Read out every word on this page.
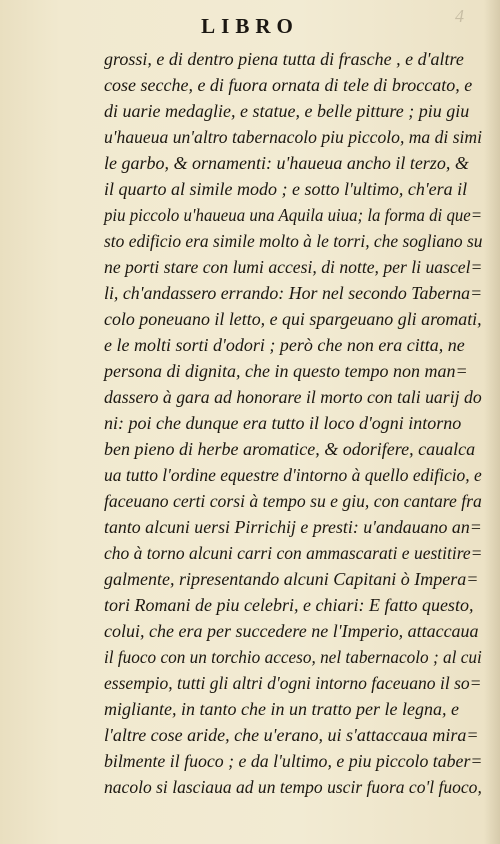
LIBRO	4
grossi, e di dentro piena tutta di frasche , e d'altre
cose secche, e di fuora ornata di tele di broccato, e
di uarie medaglie, e statue, e belle pitture ; piu giu
u'haueua un'altro tabernacolo piu piccolo, ma di simi
le garbo, & ornamenti: u'haueua ancho il terzo, &
il quarto al simile modo ; e sotto l'ultimo, ch'era il
piu piccolo u'haueua una Aquila uiua; la forma di que=
sto edificio era simile molto à le torri, che sogliano su
ne porti stare con lumi accesi, di notte, per li uascel=
li, ch'andassero errando: Hor nel secondo Taberna=
colo poneuano il letto, e qui spargeuano gli aromati,
e le molti sorti d'odori ; però che non era citta, ne
persona di dignita, che in questo tempo non man=
dassero à gara ad honorare il morto con tali uarij do
ni: poi che dunque era tutto il loco d'ogni intorno
ben pieno di herbe aromatice, & odorifere, caualca
ua tutto l'ordine equestre d'intorno à quello edificio, e
faceuano certi corsi à tempo su e giu, con cantare fra
tanto alcuni uersi Pirrichij e presti: u'andauano an=
cho à torno alcuni carri con ammascarati e uestitire=
galmente, ripresentando alcuni Capitani ò Impera=
tori Romani de piu celebri, e chiari: E fatto questo,
colui, che era per succedere ne l'Imperio, attaccaua
il fuoco con un torchio acceso, nel tabernacolo ; al cui
essempio, tutti gli altri d'ogni intorno faceuano il so=
migliante, in tanto che in un tratto per le legna, e
l'altre cose aride, che u'erano, ui s'attaccaua mira=
bilmente il fuoco ; e da l'ultimo, e piu piccolo taber=
nacolo si lasciaua ad un tempo uscir fuora co'l fuoco,
